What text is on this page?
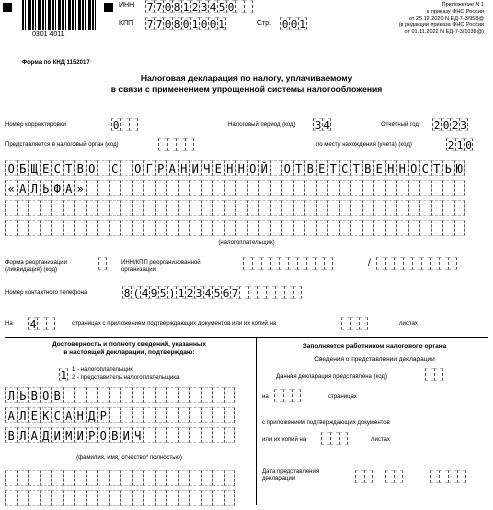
0301 4011
ИНН 7 7 0 8 1 2 3 4 5 0
КПП 7 7 0 8 0 1 0 0 1	Стр. 0 0 1
Приложение N 1
к приказу ФНС России
от 25.12.2020 N ЕД-7-3/958@
(в редакции приказа ФНС России
от 01.11.2022 N ЕД-7-3/1036@)
Форма по КНД 1152017
Налоговая декларация по налогу, уплачиваемому
в связи с применением упрощенной системы налогообложения
Номер корректировки	0	Налоговый период (код) 3 4	Отчетный год 2 0 2 3
Представляется в налоговый орган (код)	по месту нахождения (учета) (код)	2 1 0
О Б Щ Е С Т В О С О Г Р А Н И Ч Е Н Н О Й О Т В Е Т С Т В Е Н Н О С Т Ь Ю
« А Л Ь Ф А »
(налогоплательщик)
Форма реорганизации (ликвидация) (код)
ИНН/КПП реорганизованной организации
/
Номер контактного телефона	8 ( 4 9 5 ) 1 2 3 4 5 6 7
На 4	страницах с приложением подтверждающих документов или их копий на	листах
Достоверность и полноту сведений, указанных
в настоящей декларации, подтверждаю:
1 1 - налогоплательщик
2 - представитель налогоплательщика
Л Ь В О В
А Л Е К С А Н Д Р
В Л А Д И М И Р О В И Ч
(фамилия, имя, отчество* полностью)
Заполняется работником налогового органа
Сведения о представлении декларации
Данная декларация представлена (код)
на	страницах
с приложением подтверждающих документов
или их копий на	листах
Дата представления
декларации
